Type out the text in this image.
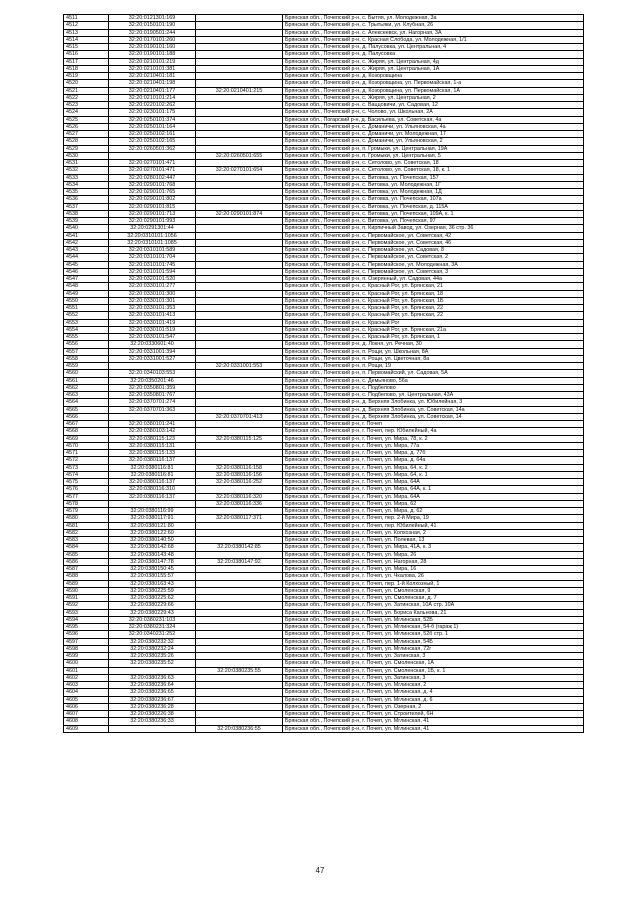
4511	32:20:0121301:169		Брянская обл., Почепский р-н, с. Бытяя, ул. Молодежная, 3а
4512	32:20:0150101:190		Брянская обл., Почепский р-н, с. Трытьяки, ул. Клубная, 26
4513	32:20:0190501:244		Брянская обл., Почепский р-н, с. Алексеевск, ул. Нагорная, 3А
4514	32:20:0170101:260		Брянская обл., Почепский р-н, с. Красная Слобода, ул. Молодежная, 1/1
4515	32:20:0190101:160		Брянская обл., Почепский р-н, д. Палусовка, ул. Центральная, 4
4516	32:20:0190101:188		Брянская обл., Почепский р-н, д. Палусовка
4517	32:20:0210101:219		Брянская обл., Почепский р-н, с. Жиряя, ул. Центральная, 4д
4518	32:20:0210101:381		Брянская обл., Почепский р-н, с. Жиряя, ул. Центральная, 1А
4519	32:20:0210401:181		Брянская обл., Почепский р-н, д. Козоровщина
4520	32:20:0210401:198		Брянская обл., Почепский р-н, д. Козоровщина, ул. Первомайская, 1-а
4521	32:20:0210401:177	32:20:0210401:215	Брянская обл., Почепский р-н, д. Козоровщина, ул. Первомайская, 1А
4522	32:20:0210101:214		Брянская обл., Почепский р-н, с. Жиряя, ул. Центральная, 2
4523	32:20:0220102:262		Брянская обл., Почепский р-н, с. Ваццовичи, ул. Садовая, 12
4524	32:20:0230101:175		Брянская обл., Почепский р-н, с. Чолово, ул. Школьная, 2А
4525	32:20:0250101:374		Брянская обл., Погарский р-н, д. Васильева, ул. Советская, 4а
4526	32:20:0250101:164		Брянская обл., Почепский р-н, с. Доманичи, ул. Ульяновская, 4а
4527	32:20:0250102:161		Брянская обл., Почепский р-н, с. Доманичи, ул. Молодежная, 17
4528	32:20:0250102:165		Брянская обл., Почепский р-н, с. Доманичи, ул. Ульяновская, 2
4529	32:20:0260501:362		Брянская обл., Почепский р-н, п. Громыки, ул. Центральная, 19А
4530		32:20:0260501:655	Брянская обл., Почепский р-н, п. Громыки, ул. Центральная, 5
4531	32:20:0270101:471		Брянская обл., Почепский р-н, с. Сетолово, ул. Советская, 18
4532	32:20:0270101:471	32:20:0270101:654	Брянская обл., Почепский р-н, с. Сетолово, ул. Советская, 18, к. 1
4533	32:20:0280102:447		Брянская обл., Почепский р-н, с. Витовка, ул. Почепская, 157
4534	32:20:0290101:768		Брянская обл., Почепский р-н, с. Витовка, ул. Молодежная, 1Г
4535	32:20:0290101:765		Брянская обл., Почепский р-н, с. Витовка, ул. Молодежная, 1Д
4536	32:20:0290101:802		Брянская обл., Почепский р-н, с. Витовка, ул. Почепская, 107а
4537	32:20:0290101:815		Брянская обл., Почепский р-н, с. Витовка, ул. Почепская, д. 115А
4538	32:20:0290101:713	32:20:0290101:874	Брянская обл., Почепский р-н, с. Витовка, ул. Почепская, 109А, к. 1
4539	32:20:0290101:993		Брянская обл., Почепский р-н, с. Витовка, ул. Почепская, 97
4540	32:20:0291301:44		Брянская обл., Почепский р-н, п. Кирпичный Завод, ул. Озерная, 36 стр. 36
4541	32:20:0310101:1056		Брянская обл., Почепский р-н, с. Первомайское, ул. Советская, 42
4542	32:20:0310101:1085		Брянская обл., Почепский р-н, с. Первомайское, ул. Советская, 46
4543	32:20:0310101:589		Брянская обл., Почепский р-н, с. Первомайское, ул. Садовая, 8
4544	32:20:0310101:704		Брянская обл., Почепский р-н, с. Первомайское, ул. Советская, 2
4545	32:20:0310101:745		Брянская обл., Почепский р-н, с. Первомайское, ул. Молодежная, 3А
4546	32:20:0310101:594		Брянская обл., Почепский р-н, с. Первомайское, ул. Советская, 3
4547	32:20:0320101:520		Брянская обл., Почепский р-н, п. Озерянный, ул. Садовая, 44а
4548	32:20:0330101:277		Брянская обл., Почепский р-н, с. Красный Рог, ул. Брянская, 21
4549	32:20:0330101:300		Брянская обл., Почепский р-н, с. Красный Рог, ул. Брянская, 18
4550	32:20:0330101:301		Брянская обл., Почепский р-н, с. Красный Рог, ул. Брянская, 1Б
4551	32:20:0330101:353		Брянская обл., Почепский р-н, с. Красный Рог, ул. Брянская, 22
4552	32:20:0330101:413		Брянская обл., Почепский р-н, с. Красный Рог, ул. Брянская, 22
4553	32:20:0330101:419		Брянская обл., Почепский р-н, с. Красный Рог
4554	32:20:0330101:519		Брянская обл., Почепский р-н, с. Красный Рог, ул. Брянская, 21а
4555	32:20:0330101:547		Брянская обл., Почепский р-н, с. Красный Рог, ул. Брянская, 1
4556	32:20:0330601:40		Брянская обл., Почепский р-н, д. Локня, ул. Речная, 30
4557	32:20:0331001:394		Брянская обл., Почепский р-н, п. Рощи, ул. Школьная, 8А
4558	32:20:0331001:527		Брянская обл., Почепский р-н, п. Рощи, ул. Цветочная, 8а
4559		32:20:0331001:553	Брянская обл., Почепский р-н, п. Рощи, 19
4560	32:20:0340103:553		Брянская обл., Почепский р-н, п. Первомайский, ул. Садовая, 5А
4561	32:20:0350201:46		Брянская обл., Почепский р-н, с. Демьяново, 56а
4562	32:20:0350801:359		Брянская обл., Почепский р-н, с. Подбелово
4563	32:20:0350801:767		Брянская обл., Почепский р-н, с. Подбелово, ул. Центральная, 43А
4564	32:20:0370701:274		Брянская обл., Почепский р-н, д. Верхняя Злобинка, ул. Юбилейная, 3
4565	32:20:0370701:363		Брянская обл., Почепский р-н, д. Верхняя Злобинка, ул. Советская, 14а
4566		32:20:0370701:413	Брянская обл., Почепский р-н, д. Верхняя Злобинка, ул. Советская, 14
4567	32:20:0380101:241		Брянская обл., Почепский р-н, г. Почеп
4568	32:20:0380103:142		Брянская обл., Почепский р-н, г. Почеп, пер. Юбилейный, 4а
4569	32:20:0380115:123	32:20:0380115:125	Брянская обл., Почепский р-н, г. Почеп, ул. Мира, 78, к. 2
4570	32:20:0380115:131		Брянская обл., Почепский р-н, г. Почеп, ул. Мира, 77а
4571	32:20:0380115:133		Брянская обл., Почепский р-н, г. Почеп, ул. Мира, д. 77б
4572	32:20:0380116:137		Брянская обл., Почепский р-н, г. Почеп, ул. Мира, д. 64а
4573	32:20:0380116:81	32:20:0380116:158	Брянская обл., Почепский р-н, г. Почеп, ул. Мира, 64, к. 2
4574	32:20:0380116:81	32:20:0380116:156	Брянская обл., Почепский р-н, г. Почеп, ул. Мира, 64, к. 1
4575	32:20:0380116:137	32:20:0380116:252	Брянская обл., Почепский р-н, г. Почеп, ул. Мира, 64А
4576	32:20:0380116:310		Брянская обл., Почепский р-н, г. Почеп, ул. Мира, 64А, к. 1
4577	32:20:0380116:137	32:20:0380116:320	Брянская обл., Почепский р-н, г. Почеп, ул. Мира, 64А
4578		32:20:0380116:336	Брянская обл., Почепский р-н, г. Почеп, ул. Мира, 62
4579	32:20:0380116:99		Брянская обл., Почепский р-н, г. Почеп, ул. Мира, д. 62
4580	32:20:0380117:91	32:20:0380117:371	Брянская обл., Почепский р-н, г. Почеп, пер. 2-й Мира, 19
4581	32:20:0380121:80		Брянская обл., Почепский р-н, г. Почеп, пер. Юбилейный, 41
4582	32:20:0380122:60		Брянская обл., Почепский р-н, г. Почеп, ул. Колхозная, 2
4583	32:20:0380140:50		Брянская обл., Почепский р-н, г. Почеп, ул. Полевая, 13
4584	32:20:0380142:68	32:20:0380142:85	Брянская обл., Почепский р-н, г. Почеп, ул. Мира, 41А, к. 3
4585	32:20:0380143:48		Брянская обл., Почепский р-н, г. Почеп, ул. Мира, 26
4586	32:20:0380147:78	32:20:0380147:92	Брянская обл., Почепский р-н, г. Почеп, ул. Нагорная, 28
4587	32:20:0380150:45		Брянская обл., Почепский р-н, г. Почеп, ул. Мира, 16
4588	32:20:0380155:57		Брянская обл., Почепский р-н, г. Почеп, ул. Чкалова, 26
4589	32:20:0380163:43		Брянская обл., Почепский р-н, г. Почеп, пер. 1-й Колхозный, 1
4590	32:20:0380225:59		Брянская обл., Почепский р-н, г. Почеп, ул. Смоленская, 9
4591	32:20:0380225:62		Брянская обл., Почепский р-н, г. Почеп, ул. Смоленская, д. 7
4592	32:20:0380229:66		Брянская обл., Почепский р-н, г. Почеп, ул. Затинская, 10А стр. 10А
4593	32:20:0380229:43		Брянская обл., Почепский р-н, г. Почеп, ул. Бориса Кальнова, 21
4594	32:20:0380231:103		Брянская обл., Почепский р-н, г. Почеп, ул. Мглинская, 52Б
4595	32:20:0380231:324		Брянская обл., Почепский р-н, г. Почеп, ул. Мглинская, 54-б (гараж 1)
4596	32:20:0340231:252		Брянская обл., Почепский р-н, г. Почеп, ул. Мглинская, 52б стр. 1
4597	32:20:0380232:32		Брянская обл., Почепский р-н, г. Почеп, ул. Мглинская, 54Б
4598	32:20:0380232:24		Брянская обл., Почепский р-н, г. Почеп, ул. Мглинская, 72г
4599	32:20:0380235:26		Брянская обл., Почепский р-н, г. Почеп, ул. Затинская, 3
4600	32:20:0380235:52		Брянская обл., Почепский р-н, г. Почеп, ул. Смоленская, 1А
4601		32:20:0380235:55	Брянская обл., Почепский р-н, г. Почеп, ул. Смоленская, 1Б, к. 1
4602	32:20:0380236:63		Брянская обл., Почепский р-н, г. Почеп, ул. Затинская, 3
4603	32:20:0380236:64		Брянская обл., Почепский р-н, г. Почеп, ул. Мглинская, 2
4604	32:20:0380236:65		Брянская обл., Почепский р-н, г. Почеп, ул. Мглинская, д. 4
4605	32:20:0380236:67		Брянская обл., Почепский р-н, г. Почеп, ул. Мглинская, д. 6
4606	32:20:0380236:28		Брянская обл., Почепский р-н, г. Почеп, ул. Озерная, 2
4607	32:20:0380226:38		Брянская обл., Почепский р-н, г. Почеп, ул. Строителей, 6Н
4608	32:20:0380236:33		Брянская обл., Почепский р-н, г. Почеп, ул. Мглинская, 41
4609		32:20:0380236:55	Брянская обл., Почепский р-н, г. Почеп, ул. Мглинская, 41
47
